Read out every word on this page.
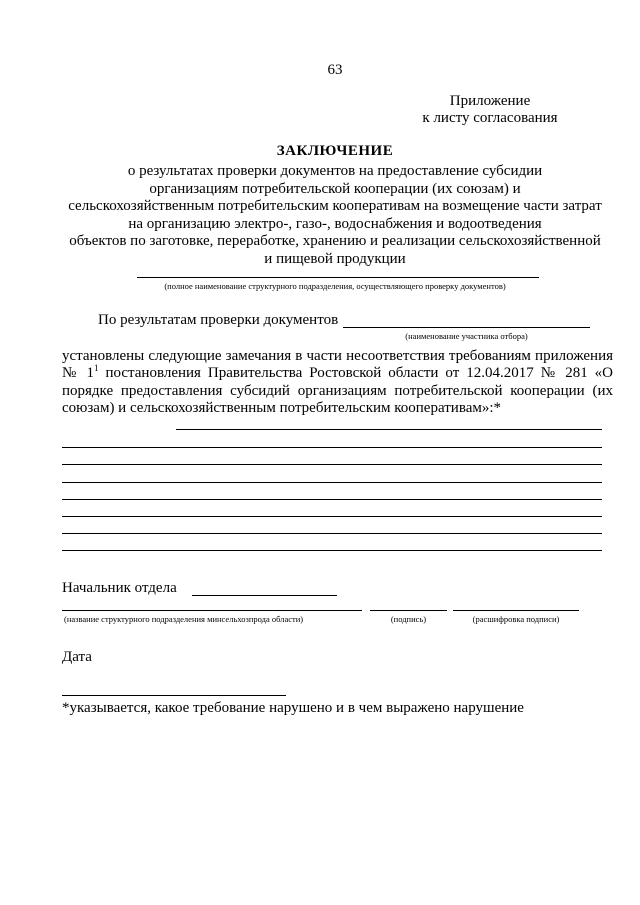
63
Приложение
к листу согласования
ЗАКЛЮЧЕНИЕ
о результатах проверки документов на предоставление субсидии
организациям потребительской кооперации (их союзам) и
сельскохозяйственным потребительским кооперативам на возмещение части затрат
на организацию электро-, газо-, водоснабжения и водоотведения
объектов по заготовке, переработке, хранению и реализации сельскохозяйственной
и пищевой продукции
(полное наименование структурного подразделения, осуществляющего проверку документов)
По результатам проверки документов
(наименование участника отбора)
установлены следующие замечания в части несоответствия требованиям приложения № $1^1$ постановления Правительства Ростовской области от 12.04.2017 № 281 «О порядке предоставления субсидий организациям потребительской кооперации (их союзам) и сельскохозяйственным потребительским кооперативам»:*
Начальник отдела
(название структурного подразделения минсельхозпрода области)	(подпись)	(расшифровка подписи)
Дата
*указывается, какое требование нарушено и в чем выражено нарушение
